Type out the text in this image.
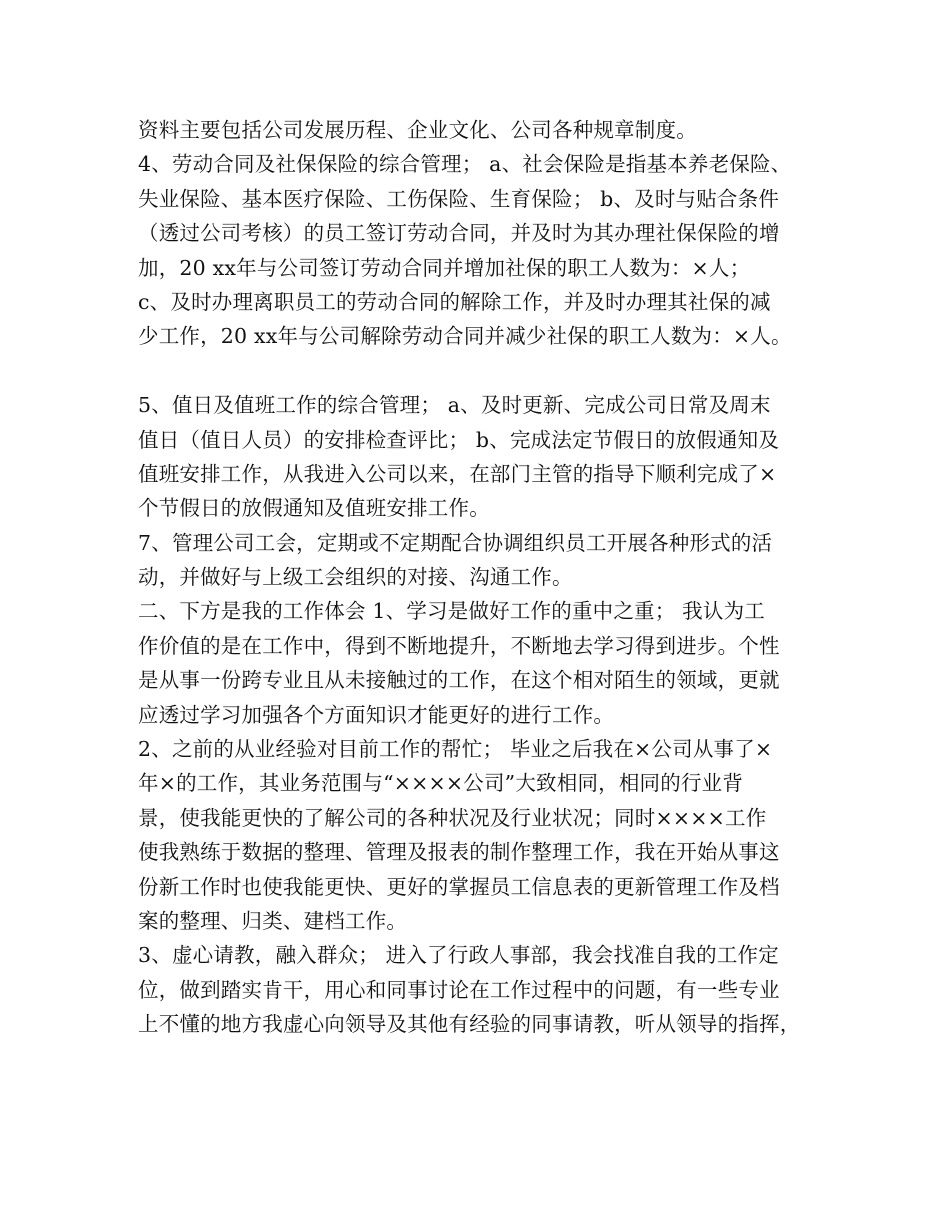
资料主要包括公司发展历程、企业文化、公司各种规章制度。
4、劳动合同及社保保险的综合管理； a、社会保险是指基本养老保险、
失业保险、基本医疗保险、工伤保险、生育保险； b、及时与贴合条件
（透过公司考核）的员工签订劳动合同，并及时为其办理社保保险的增
加，20 xx年与公司签订劳动合同并增加社保的职工人数为：×人；
c、及时办理离职员工的劳动合同的解除工作，并及时办理其社保的减
少工作，20 xx年与公司解除劳动合同并减少社保的职工人数为：×人。
5、值日及值班工作的综合管理； a、及时更新、完成公司日常及周末
值日（值日人员）的安排检查评比； b、完成法定节假日的放假通知及
值班安排工作，从我进入公司以来，在部门主管的指导下顺利完成了×
个节假日的放假通知及值班安排工作。
7、管理公司工会，定期或不定期配合协调组织员工开展各种形式的活
动，并做好与上级工会组织的对接、沟通工作。
二、下方是我的工作体会 1、学习是做好工作的重中之重； 我认为工
作价值的是在工作中，得到不断地提升，不断地去学习得到进步。个性
是从事一份跨专业且从未接触过的工作，在这个相对陌生的领域，更就
应透过学习加强各个方面知识才能更好的进行工作。
2、之前的从业经验对目前工作的帮忙； 毕业之后我在×公司从事了×
年×的工作，其业务范围与“××××公司”大致相同，相同的行业背
景，使我能更快的了解公司的各种状况及行业状况；同时××××工作
使我熟练于数据的整理、管理及报表的制作整理工作，我在开始从事这
份新工作时也使我能更快、更好的掌握员工信息表的更新管理工作及档
案的整理、归类、建档工作。
3、虚心请教，融入群众； 进入了行政人事部，我会找准自我的工作定
位，做到踏实肯干，用心和同事讨论在工作过程中的问题，有一些专业
上不懂的地方我虚心向领导及其他有经验的同事请教，听从领导的指挥，
